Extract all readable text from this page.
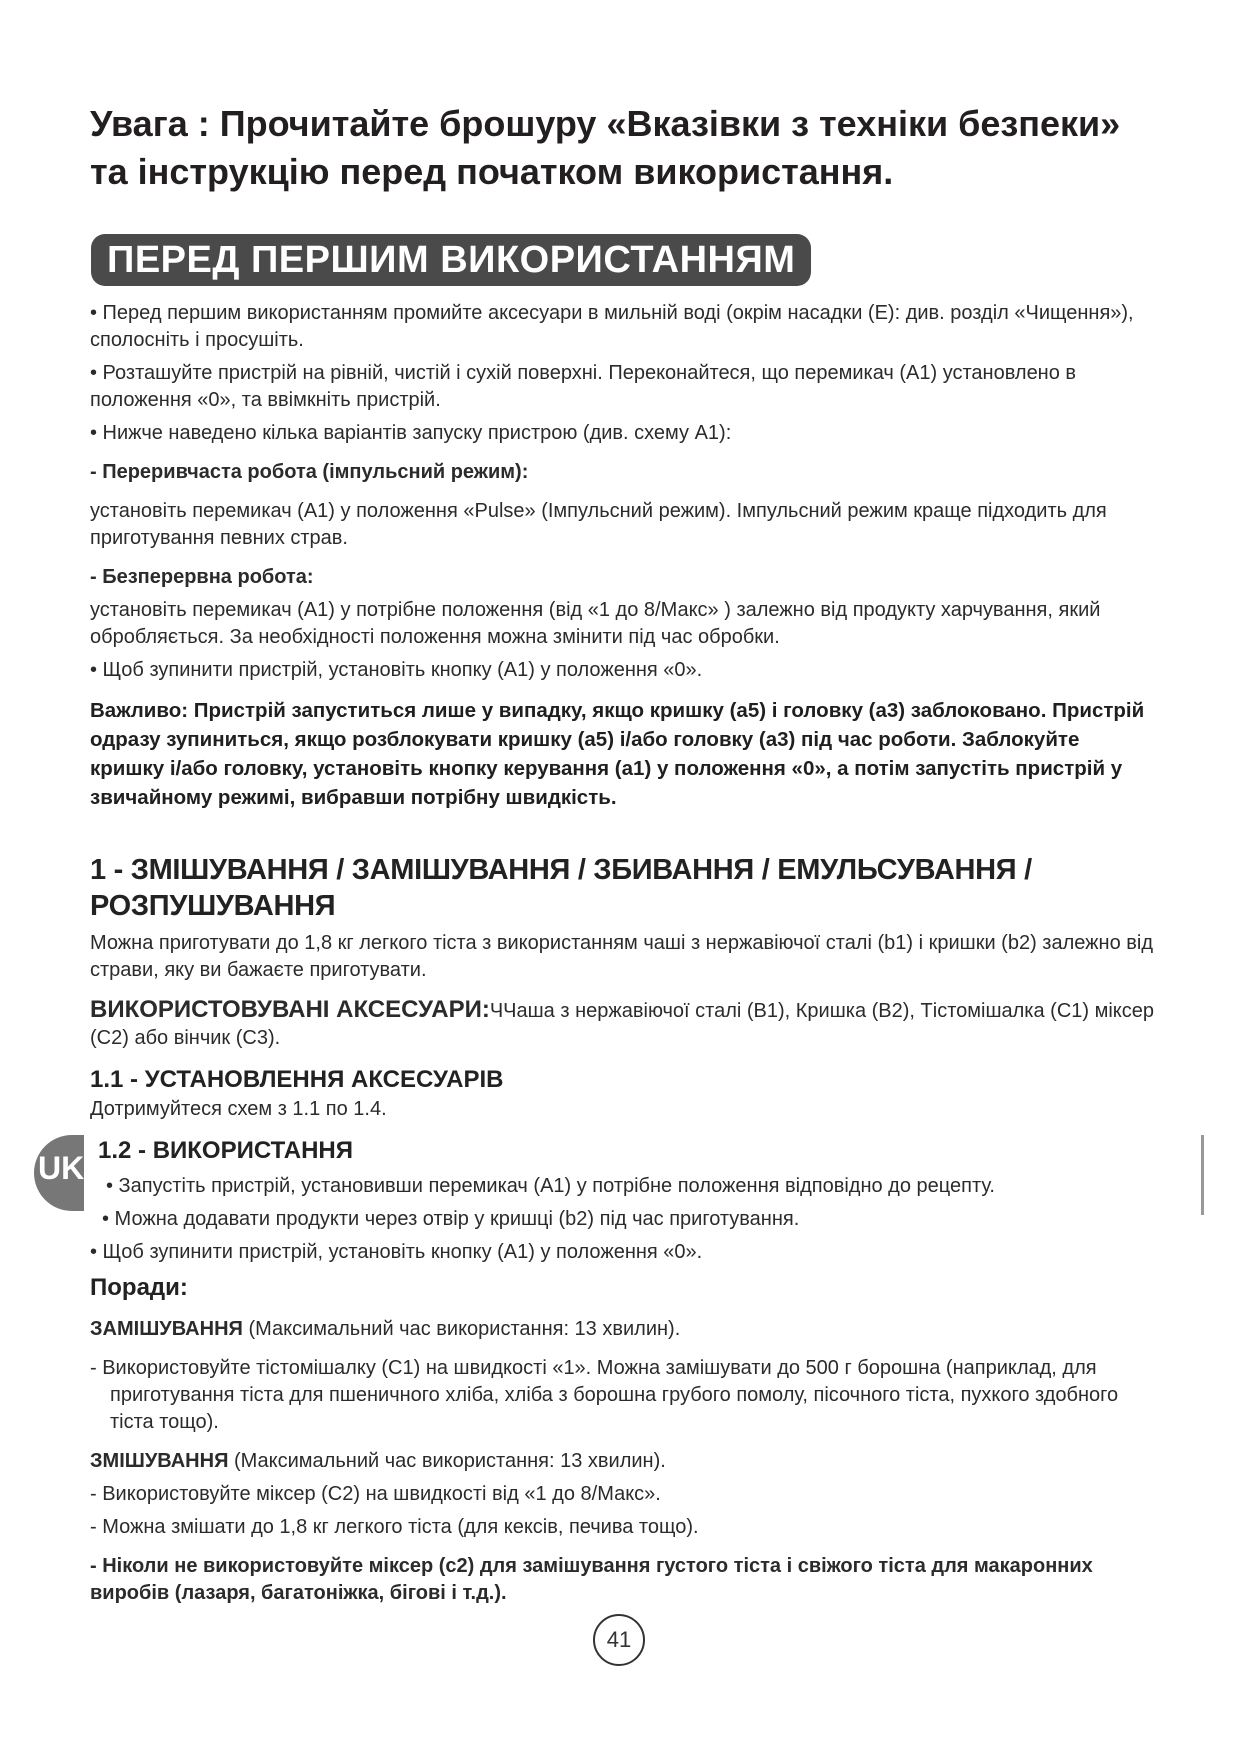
UK
Увага : Прочитайте брошуру «Вказівки з техніки безпеки» та інструкцію перед початком використання.
ПЕРЕД ПЕРШИМ ВИКОРИСТАННЯМ

• Перед першим використанням промийте аксесуари в мильній воді (окрім насадки (E): див. розділ «Чищення»), сполосніть і просушіть.

• Розташуйте пристрій на рівній, чистій і сухій поверхні. Переконайтеся, що перемикач (A1) установлено в положення «0», та ввімкніть пристрій.

• Нижче наведено кілька варіантів запуску пристрою (див. схему A1):

- Переривчаста робота (імпульсний режим):

установіть перемикач (A1) у положення «Pulse» (Імпульсний режим). Імпульсний режим краще підходить для приготування певних страв.

- Безперервна робота:

установіть перемикач (A1) у потрібне положення (від «1 до 8/Макс» ) залежно від продукту харчування, який обробляється. За необхідності положення можна змінити під час обробки.

• Щоб зупинити пристрій, установіть кнопку (A1) у положення «0».

Важливо: Пристрій запуститься лише у випадку, якщо кришку (a5) і головку (a3) заблоковано. Пристрій одразу зупиниться, якщо розблокувати кришку (a5) і/або головку (a3) під час роботи. Заблокуйте кришку і/або головку, установіть кнопку керування (a1) у положення «0», а потім запустіть пристрій у звичайному режимі, вибравши потрібну швидкість.

1 - ЗМІШУВАННЯ / ЗАМІШУВАННЯ / ЗБИВАННЯ / ЕМУЛЬСУВАННЯ / РОЗПУШУВАННЯ

Можна приготувати до 1,8 кг легкого тіста з використанням чаші з нержавіючої сталі (b1) і кришки (b2) залежно від страви, яку ви бажаєте приготувати.

ВИКОРИСТОВУВАНІ АКСЕСУАРИ:ЧЧаша з нержавіючої сталі (B1), Кришка (B2), Тістомішалка (C1) міксер (C2) або вінчик (C3).

1.1 - УСТАНОВЛЕННЯ АКСЕСУАРІВ

Дотримуйтеся схем з 1.1 по 1.4.

1.2 - ВИКОРИСТАННЯ

• Запустіть пристрій, установивши перемикач (A1) у потрібне положення відповідно до рецепту.

• Можна додавати продукти через отвір у кришці (b2) під час приготування.

• Щоб зупинити пристрій, установіть кнопку (A1) у положення «0».

Поради:

ЗАМІШУВАННЯ (Максимальний час використання: 13 хвилин).

- Використовуйте тістомішалку (C1) на швидкості «1». Можна замішувати до 500 г борошна (наприклад, для приготування тіста для пшеничного хліба, хліба з борошна грубого помолу, пісочного тіста, пухкого здобного тіста тощо).

ЗМІШУВАННЯ (Максимальний час використання: 13 хвилин).

- Використовуйте міксер (C2) на швидкості від «1 до 8/Макс».

- Можна змішати до 1,8 кг легкого тіста (для кексів, печива тощо).

- Ніколи не використовуйте міксер (c2) для замішування густого тіста і свіжого тіста для макаронних виробів (лазаря, багатоніжка, бігові і т.д.).

41
